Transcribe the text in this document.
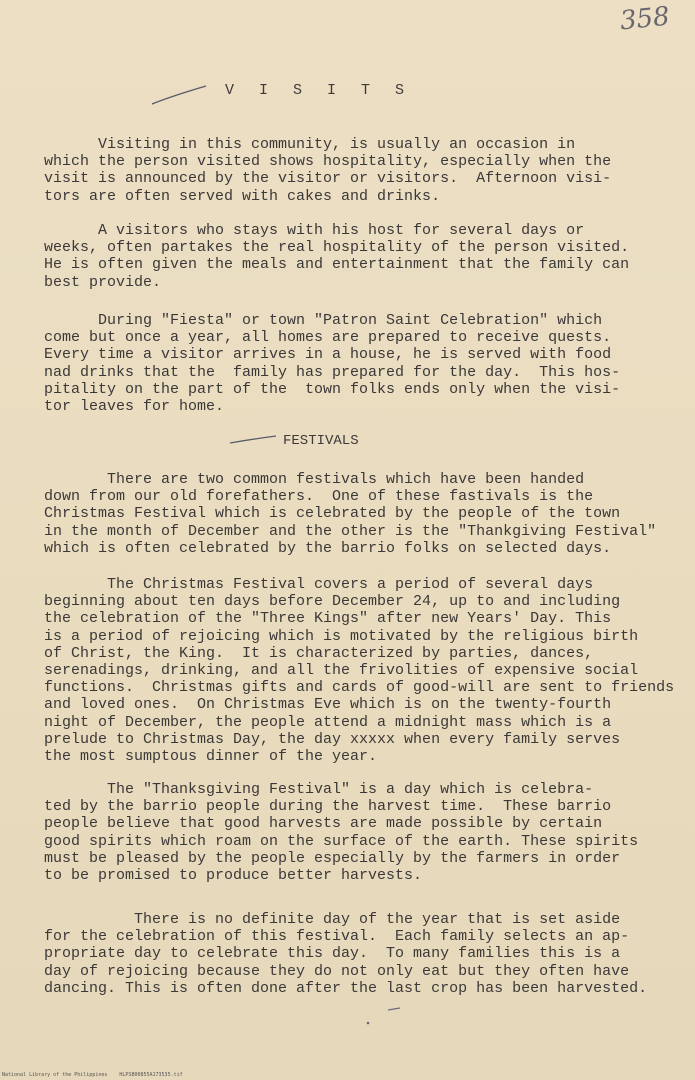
358
V I S I T S

Visiting in this community, is usually an occasion in
which the person visited shows hospitality, especially when the
visit is announced by the visitor or visitors.  Afternoon visi-
tors are often served with cakes and drinks.

A visitors who stays with his host for several days or
weeks, often partakes the real hospitality of the person visited.
He is often given the meals and entertainment that the family can
best provide.

During "Fiesta" or town "Patron Saint Celebration" which
come but once a year, all homes are prepared to receive quests.
Every time a visitor arrives in a house, he is served with food
nad drinks that the  family has prepared for the day.  This hos-
pitality on the part of the  town folks ends only when the visi-
tor leaves for home.

FESTIVALS

There are two common festivals which have been handed
down from our old forefathers.  One of these fastivals is the
Christmas Festival which is celebrated by the people of the town
in the month of December and the other is the "Thankgiving Festival"
which is often celebrated by the barrio folks on selected days.

The Christmas Festival covers a period of several days
beginning about ten days before December 24, up to and including
the celebration of the "Three Kings" after new Years' Day. This
is a period of rejoicing which is motivated by the religious birth
of Christ, the King.  It is characterized by parties, dances,
serenadings, drinking, and all the frivolities of expensive social
functions.  Christmas gifts and cards of good-will are sent to friends
and loved ones.  On Christmas Eve which is on the twenty-fourth
night of December, the people attend a midnight mass which is a
prelude to Christmas Day, the day xxxxx when every family serves
the most sumptous dinner of the year.

The "Thanksgiving Festival" is a day which is celebra-
ted by the barrio people during the harvest time.  These barrio
people believe that good harvests are made possible by certain
good spirits which roam on the surface of the earth. These spirits
must be pleased by the people especially by the farmers in order
to be promised to produce better harvests.

There is no definite day of the year that is set aside
for the celebration of this festival.  Each family selects an ap-
propriate day to celebrate this day.  To many families this is a
day of rejoicing because they do not only eat but they often have
dancing. This is often done after the last crop has been harvested.

National Library of the Philippines    HLPSB00855A173535.tif
